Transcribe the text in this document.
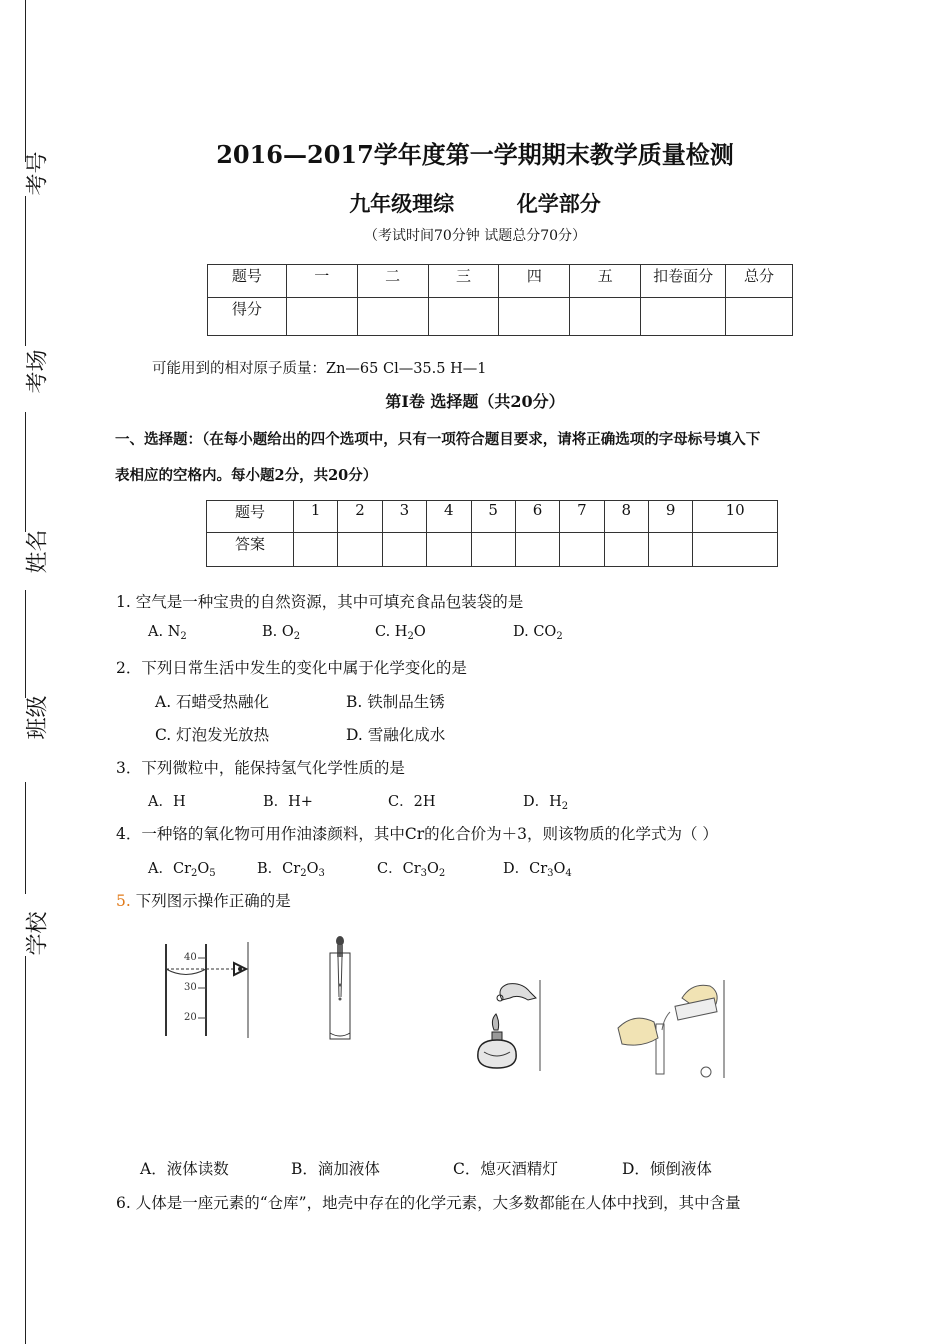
考号
考场
姓名
班级
学校
2016—2017学年度第一学期期末教学质量检测
九年级理综	化学部分
（考试时间70分钟 试题总分70分）
题号	一	二	三	四	五	扣卷面分	总分
得分							
可能用到的相对原子质量：Zn—65 Cl—35.5 H—1
第Ⅰ卷 选择题（共20分）
一、选择题：（在每小题给出的四个选项中，只有一项符合题目要求，请将正确选项的字母标号填入下
表相应的空格内。每小题2分，共20分）
题号	1	2	3	4	5	6	7	8	9	10
答案										
1. 空气是一种宝贵的自然资源，其中可填充食品包装袋的是
A. $N_2$	B. $O_2$	C. $H_2O$	D. $CO_2$
2．下列日常生活中发生的变化中属于化学变化的是
A. 石蜡受热融化	B. 铁制品生锈
C. 灯泡发光放热	D. 雪融化成水
3．下列微粒中，能保持氢气化学性质的是
A．H	B．H+	C．2H	D．$H_2$
4．一种铬的氧化物可用作油漆颜料，其中Cr的化合价为＋3，则该物质的化学式为（ ）
A．$Cr_2O_5$	B．$Cr_2O_3$	C．$Cr_3O_2$	D．$Cr_3O_4$
5. 下列图示操作正确的是
40
30
20
A．液体读数	B．滴加液体	C．熄灭酒精灯	D．倾倒液体
6. 人体是一座元素的“仓库”，地壳中存在的化学元素，大多数都能在人体中找到，其中含量
